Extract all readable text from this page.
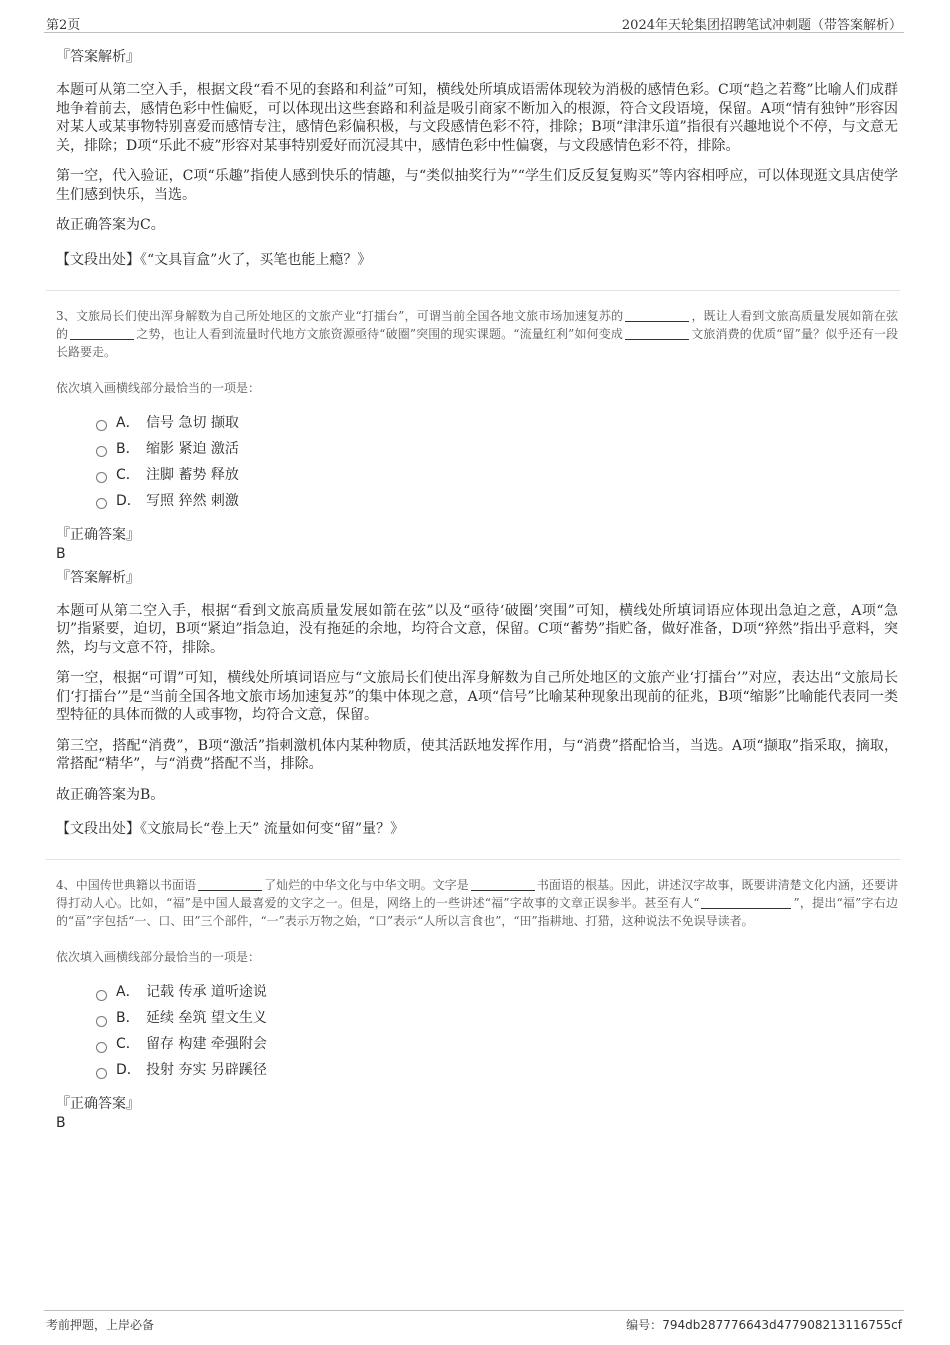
第2页	2024年天轮集团招聘笔试冲刺题（带答案解析）
『答案解析』

本题可从第二空入手，根据文段“看不见的套路和利益”可知，横线处所填成语需体现较为消极的感情色彩。C项“趋之若鹜”比喻人们成群地争着前去，感情色彩中性偏贬，可以体现出这些套路和利益是吸引商家不断加入的根源，符合文段语境，保留。A项“情有独钟”形容因对某人或某事物特别喜爱而感情专注，感情色彩偏积极，与文段感情色彩不符，排除；B项“津津乐道”指很有兴趣地说个不停，与文意无关，排除；D项“乐此不疲”形容对某事特别爱好而沉浸其中，感情色彩中性偏褒，与文段感情色彩不符，排除。

第一空，代入验证，C项“乐趣”指使人感到快乐的情趣，与“类似抽奖行为”“学生们反反复复购买”等内容相呼应，可以体现逛文具店使学生们感到快乐，当选。

故正确答案为C。

【文段出处】《“文具盲盒”火了，买笔也能上瘾？》

3、文旅局长们使出浑身解数为自己所处地区的文旅产业“打擂台”，可谓当前全国各地文旅市场加速复苏的	，既让人看到文旅高质量发展如箭在弦的	之势，也让人看到流量时代地方文旅资源亟待“破圈”突围的现实课题。“流量红利”如何变成	文旅消费的优质“留”量？似乎还有一段长路要走。

依次填入画横线部分最恰当的一项是：
A． 信号 急切 撷取
B． 缩影 紧迫 激活
C． 注脚 蓄势 释放
D． 写照 猝然 刺激
『正确答案』
B
『答案解析』

本题可从第二空入手，根据“看到文旅高质量发展如箭在弦”以及“亟待‘破圈’突围”可知，横线处所填词语应体现出急迫之意，A项“急切”指紧要，迫切，B项“紧迫”指急迫，没有拖延的余地，均符合文意，保留。C项“蓄势”指贮备，做好准备，D项“猝然”指出乎意料，突然，均与文意不符，排除。

第一空，根据“可谓”可知，横线处所填词语应与“文旅局长们使出浑身解数为自己所处地区的文旅产业‘打擂台’”对应，表达出“文旅局长们‘打擂台’”是“当前全国各地文旅市场加速复苏”的集中体现之意，A项“信号”比喻某种现象出现前的征兆，B项“缩影”比喻能代表同一类型特征的具体而微的人或事物，均符合文意，保留。

第三空，搭配“消费”，B项“激活”指刺激机体内某种物质，使其活跃地发挥作用，与“消费”搭配恰当，当选。A项“撷取”指采取，摘取，常搭配“精华”，与“消费”搭配不当，排除。

故正确答案为B。

【文段出处】《文旅局长“卷上天” 流量如何变“留”量？》

4、中国传世典籍以书面语	了灿烂的中华文化与中华文明。文字是	书面语的根基。因此，讲述汉字故事，既要讲清楚文化内涵，还要讲得打动人心。比如，“福”是中国人最喜爱的文字之一。但是，网络上的一些讲述“福”字故事的文章正误参半。甚至有人“	”，提出“福”字右边的“畐”字包括“一、口、田”三个部件，“一”表示万物之始，“口”表示“人所以言食也”，“田”指耕地、打猎，这种说法不免误导读者。

依次填入画横线部分最恰当的一项是：
A． 记载 传承 道听途说
B． 延续 垒筑 望文生义
C． 留存 构建 牵强附会
D． 投射 夯实 另辟蹊径
『正确答案』
B
考前押题，上岸必备	编号：794db287776643d477908213116755cf
